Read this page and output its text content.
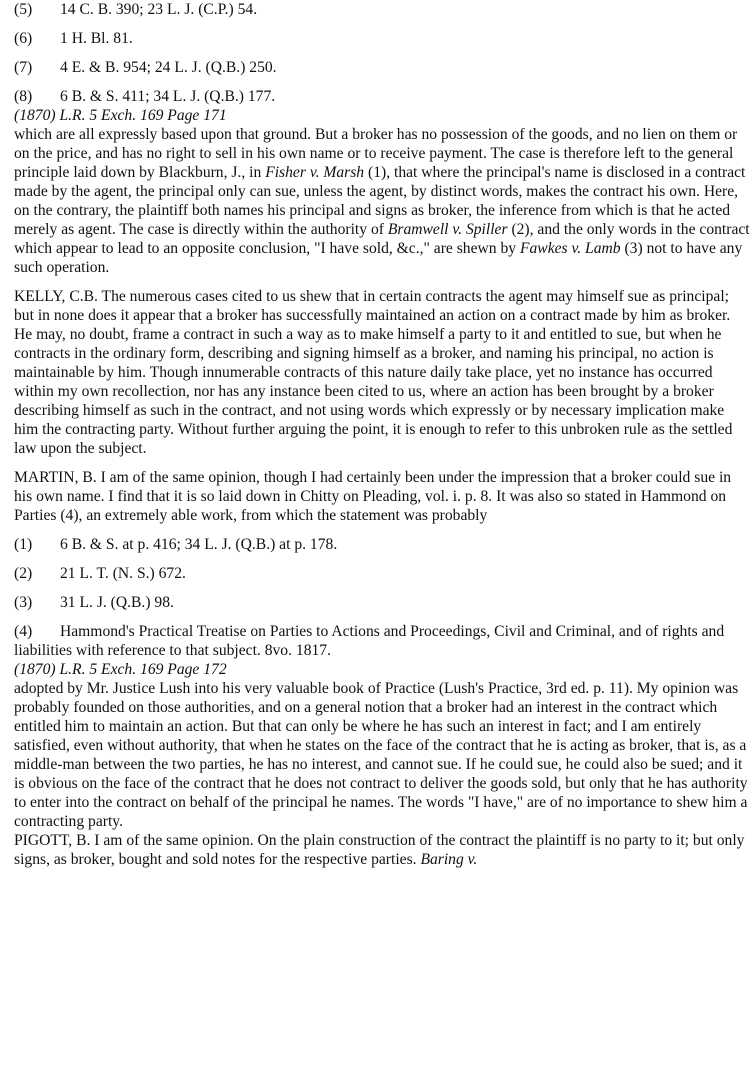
(5) 14 C. B. 390; 23 L. J. (C.P.) 54.
(6) 1 H. Bl. 81.
(7) 4 E. & B. 954; 24 L. J. (Q.B.) 250.
(8) 6 B. & S. 411; 34 L. J. (Q.B.) 177.
(1870) L.R. 5 Exch. 169 Page 171

which are all expressly based upon that ground. But a broker has no possession of the goods, and no lien on them or on the price, and has no right to sell in his own name or to receive payment. The case is therefore left to the general principle laid down by Blackburn, J., in Fisher v. Marsh (1), that where the principal's name is disclosed in a contract made by the agent, the principal only can sue, unless the agent, by distinct words, makes the contract his own. Here, on the contrary, the plaintiff both names his principal and signs as broker, the inference from which is that he acted merely as agent. The case is directly within the authority of Bramwell v. Spiller (2), and the only words in the contract which appear to lead to an opposite conclusion, "I have sold, &c.," are shewn by Fawkes v. Lamb (3) not to have any such operation.

KELLY, C.B. The numerous cases cited to us shew that in certain contracts the agent may himself sue as principal; but in none does it appear that a broker has successfully maintained an action on a contract made by him as broker. He may, no doubt, frame a contract in such a way as to make himself a party to it and entitled to sue, but when he contracts in the ordinary form, describing and signing himself as a broker, and naming his principal, no action is maintainable by him. Though innumerable contracts of this nature daily take place, yet no instance has occurred within my own recollection, nor has any instance been cited to us, where an action has been brought by a broker describing himself as such in the contract, and not using words which expressly or by necessary implication make him the contracting party. Without further arguing the point, it is enough to refer to this unbroken rule as the settled law upon the subject.

MARTIN, B. I am of the same opinion, though I had certainly been under the impression that a broker could sue in his own name. I find that it is so laid down in Chitty on Pleading, vol. i. p. 8. It was also so stated in Hammond on Parties (4), an extremely able work, from which the statement was probably

(1) 6 B. & S. at p. 416; 34 L. J. (Q.B.) at p. 178.
(2) 21 L. T. (N. S.) 672.
(3) 31 L. J. (Q.B.) 98.
(4) Hammond's Practical Treatise on Parties to Actions and Proceedings, Civil and Criminal, and of rights and liabilities with reference to that subject. 8vo. 1817.
(1870) L.R. 5 Exch. 169 Page 172

adopted by Mr. Justice Lush into his very valuable book of Practice (Lush's Practice, 3rd ed. p. 11). My opinion was probably founded on those authorities, and on a general notion that a broker had an interest in the contract which entitled him to maintain an action. But that can only be where he has such an interest in fact; and I am entirely satisfied, even without authority, that when he states on the face of the contract that he is acting as broker, that is, as a middle-man between the two parties, he has no interest, and cannot sue. If he could sue, he could also be sued; and it is obvious on the face of the contract that he does not contract to deliver the goods sold, but only that he has authority to enter into the contract on behalf of the principal he names. The words "I have," are of no importance to shew him a contracting party.

PIGOTT, B. I am of the same opinion. On the plain construction of the contract the plaintiff is no party to it; but only signs, as broker, bought and sold notes for the respective parties. Baring v.
